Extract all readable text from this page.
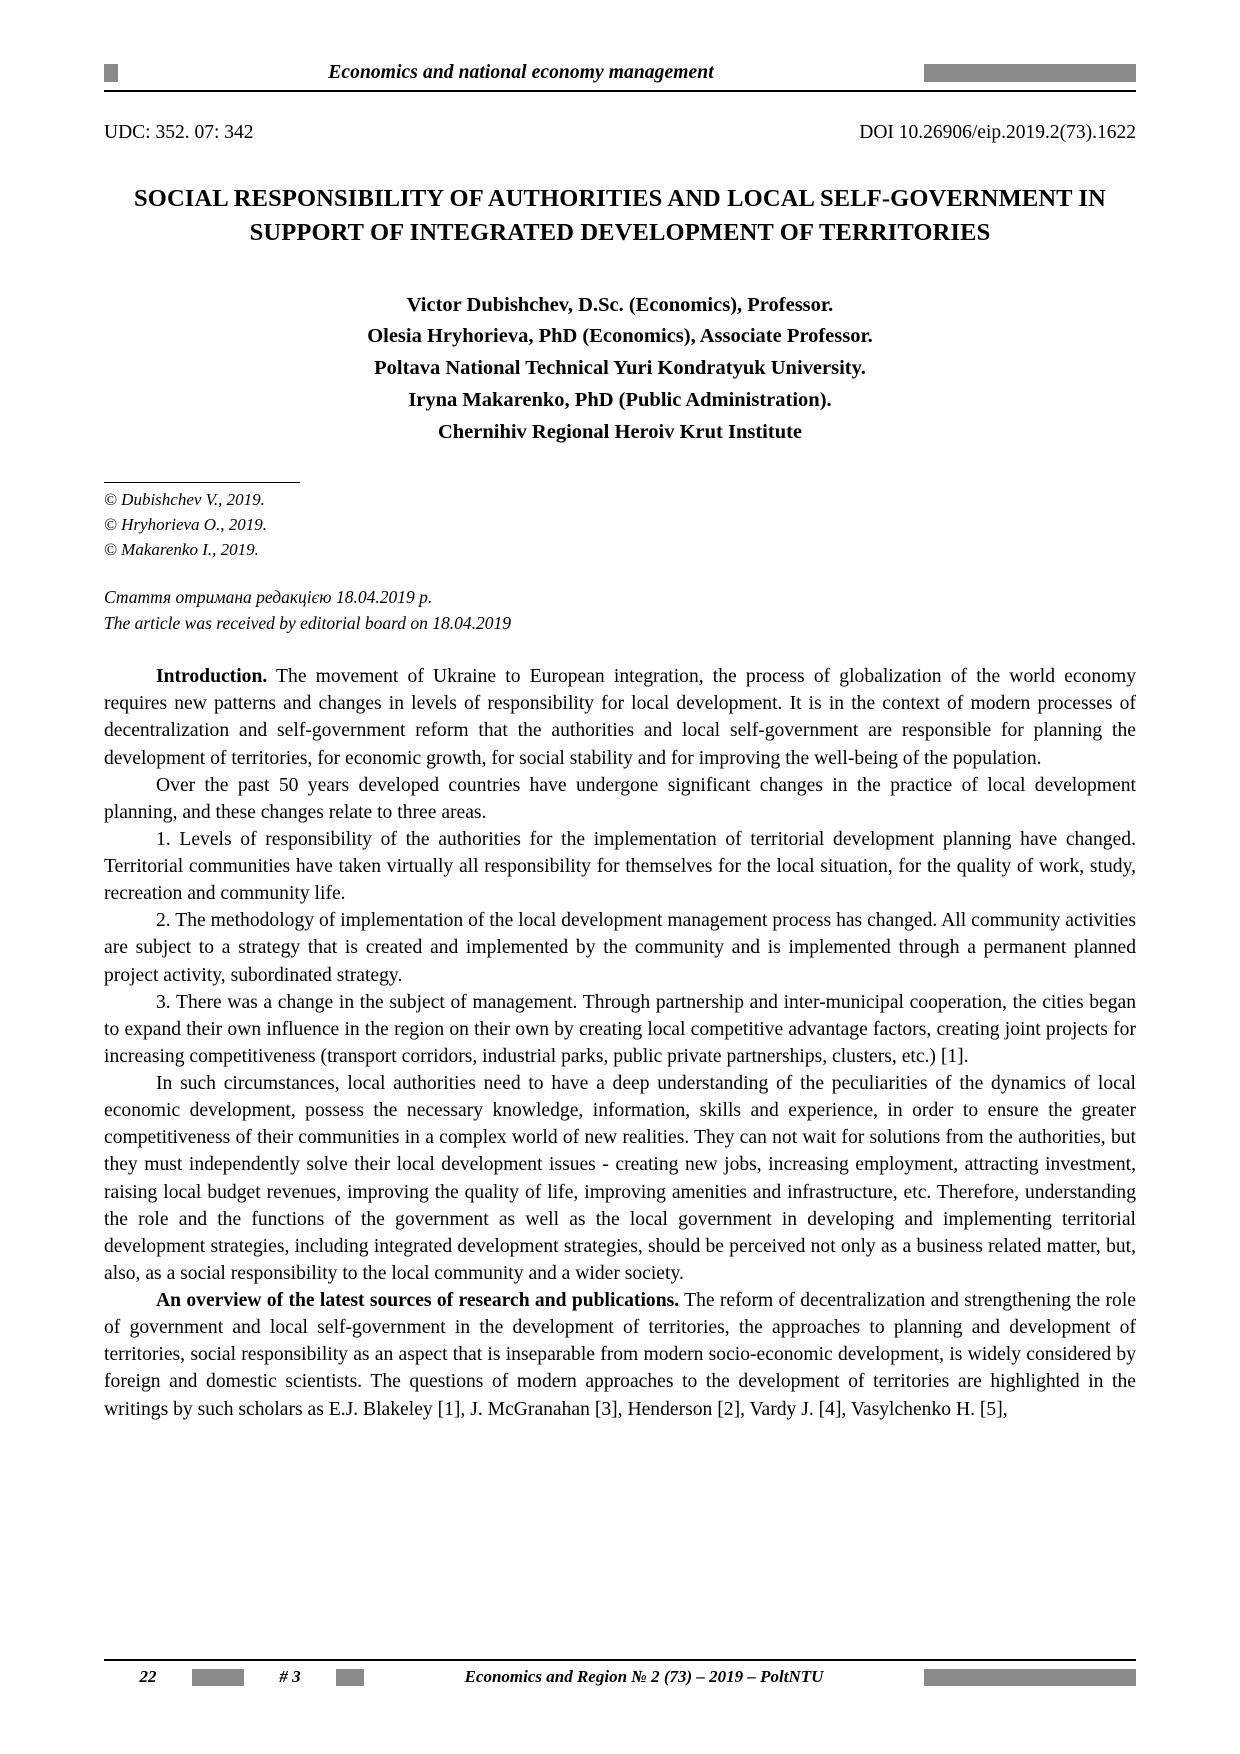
Economics and national economy management
UDC: 352. 07: 342	DOI 10.26906/eip.2019.2(73).1622
SOCIAL RESPONSIBILITY OF AUTHORITIES AND LOCAL SELF-GOVERNMENT IN SUPPORT OF INTEGRATED DEVELOPMENT OF TERRITORIES
Victor Dubishchev, D.Sc. (Economics), Professor.
Olesia Hryhorieva, PhD (Economics), Associate Professor.
Poltava National Technical Yuri Kondratyuk University.
Iryna Makarenko, PhD (Public Administration).
Chernihiv Regional Heroiv Krut Institute
© Dubishchev V., 2019.
© Hryhorieva O., 2019.
© Makarenko I., 2019.
Стаття отримана редакцією 18.04.2019 р.
The article was received by editorial board on 18.04.2019

Introduction. The movement of Ukraine to European integration, the process of globalization of the world economy requires new patterns and changes in levels of responsibility for local development. It is in the context of modern processes of decentralization and self-government reform that the authorities and local self-government are responsible for planning the development of territories, for economic growth, for social stability and for improving the well-being of the population.

Over the past 50 years developed countries have undergone significant changes in the practice of local development planning, and these changes relate to three areas.

1. Levels of responsibility of the authorities for the implementation of territorial development planning have changed. Territorial communities have taken virtually all responsibility for themselves for the local situation, for the quality of work, study, recreation and community life.

2. The methodology of implementation of the local development management process has changed. All community activities are subject to a strategy that is created and implemented by the community and is implemented through a permanent planned project activity, subordinated strategy.

3. There was a change in the subject of management. Through partnership and inter-municipal cooperation, the cities began to expand their own influence in the region on their own by creating local competitive advantage factors, creating joint projects for increasing competitiveness (transport corridors, industrial parks, public private partnerships, clusters, etc.) [1].

In such circumstances, local authorities need to have a deep understanding of the peculiarities of the dynamics of local economic development, possess the necessary knowledge, information, skills and experience, in order to ensure the greater competitiveness of their communities in a complex world of new realities. They can not wait for solutions from the authorities, but they must independently solve their local development issues - creating new jobs, increasing employment, attracting investment, raising local budget revenues, improving the quality of life, improving amenities and infrastructure, etc. Therefore, understanding the role and the functions of the government as well as the local government in developing and implementing territorial development strategies, including integrated development strategies, should be perceived not only as a business related matter, but, also, as a social responsibility to the local community and a wider society.

An overview of the latest sources of research and publications. The reform of decentralization and strengthening the role of government and local self-government in the development of territories, the approaches to planning and development of territories, social responsibility as an aspect that is inseparable from modern socio-economic development, is widely considered by foreign and domestic scientists. The questions of modern approaches to the development of territories are highlighted in the writings by such scholars as E.J. Blakeley [1], J. McGranahan [3], Henderson [2], Vardy J. [4], Vasylchenko H. [5],

22	# 3	Economics and Region № 2 (73) – 2019 – PoltNTU
